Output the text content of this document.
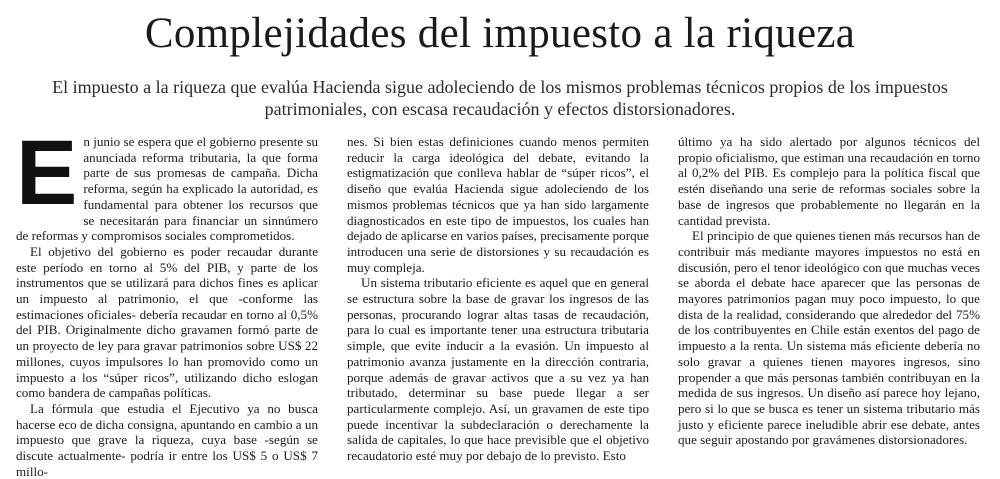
Complejidades del impuesto a la riqueza
El impuesto a la riqueza que evalúa Hacienda sigue adoleciendo de los mismos problemas técnicos propios de los impuestos patrimoniales, con escasa recaudación y efectos distorsionadores.
E n junio se espera que el gobierno presente su anunciada reforma tributaria, la que forma parte de sus promesas de campaña. Dicha reforma, según ha explicado la autoridad, es fundamental para obtener los recursos que se necesitarán para financiar un sinnúmero de reformas y compromisos sociales comprometidos.

El objetivo del gobierno es poder recaudar durante este período en torno al 5% del PIB, y parte de los instrumentos que se utilizará para dichos fines es aplicar un impuesto al patrimonio, el que -conforme las estimaciones oficiales- debería recaudar en torno al 0,5% del PIB. Originalmente dicho gravamen formó parte de un proyecto de ley para gravar patrimonios sobre US$ 22 millones, cuyos impulsores lo han promovido como un impuesto a los “súper ricos”, utilizando dicho eslogan como bandera de campañas políticas.

La fórmula que estudia el Ejecutivo ya no busca hacerse eco de dicha consigna, apuntando en cambio a un impuesto que grave la riqueza, cuya base -según se discute actualmente- podría ir entre los US$ 5 o US$ 7 millo-

nes. Si bien estas definiciones cuando menos permiten reducir la carga ideológica del debate, evitando la estigmatización que conlleva hablar de “súper ricos”, el diseño que evalúa Hacienda sigue adoleciendo de los mismos problemas técnicos que ya han sido largamente diagnosticados en este tipo de impuestos, los cuales han dejado de aplicarse en varios países, precisamente porque introducen una serie de distorsiones y su recaudación es muy compleja.

Un sistema tributario eficiente es aquel que en general se estructura sobre la base de gravar los ingresos de las personas, procurando lograr altas tasas de recaudación, para lo cual es importante tener una estructura tributaria simple, que evite inducir a la evasión. Un impuesto al patrimonio avanza justamente en la dirección contraria, porque además de gravar activos que a su vez ya han tributado, determinar su base puede llegar a ser particularmente complejo. Así, un gravamen de este tipo puede incentivar la subdeclaración o derechamente la salida de capitales, lo que hace previsible que el objetivo recaudatorio esté muy por debajo de lo previsto. Esto

último ya ha sido alertado por algunos técnicos del propio oficialismo, que estiman una recaudación en torno al 0,2% del PIB. Es complejo para la política fiscal que estén diseñando una serie de reformas sociales sobre la base de ingresos que probablemente no llegarán en la cantidad prevista.

El principio de que quienes tienen más recursos han de contribuir más mediante mayores impuestos no está en discusión, pero el tenor ideológico con que muchas veces se aborda el debate hace aparecer que las personas de mayores patrimonios pagan muy poco impuesto, lo que dista de la realidad, considerando que alrededor del 75% de los contribuyentes en Chile están exentos del pago de impuesto a la renta. Un sistema más eficiente debería no solo gravar a quienes tienen mayores ingresos, sino propender a que más personas también contribuyan en la medida de sus ingresos. Un diseño así parece hoy lejano, pero si lo que se busca es tener un sistema tributario más justo y eficiente parece ineludible abrir ese debate, antes que seguir apostando por gravámenes distorsionadores.
